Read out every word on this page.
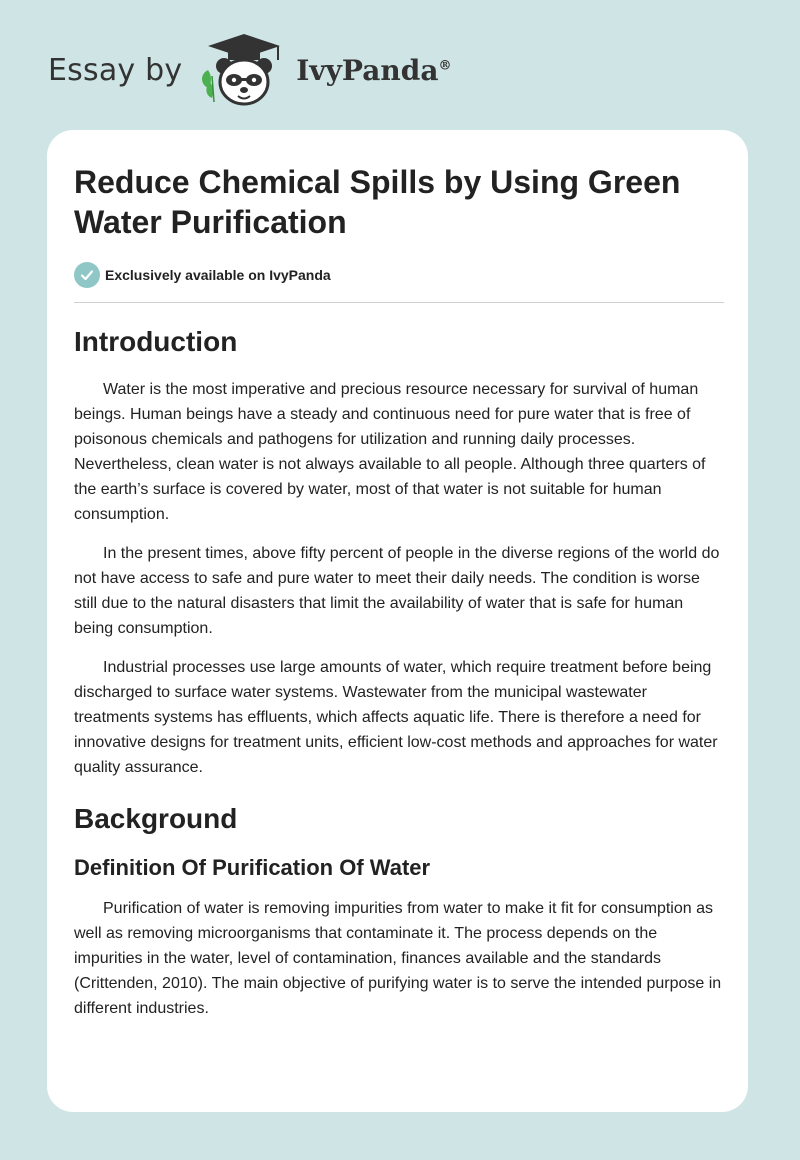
Essay by	IvyPanda®
Reduce Chemical Spills by Using Green Water Purification
Exclusively available on IvyPanda
Introduction

Water is the most imperative and precious resource necessary for survival of human beings. Human beings have a steady and continuous need for pure water that is free of poisonous chemicals and pathogens for utilization and running daily processes. Nevertheless, clean water is not always available to all people. Although three quarters of the earth’s surface is covered by water, most of that water is not suitable for human consumption.

In the present times, above fifty percent of people in the diverse regions of the world do not have access to safe and pure water to meet their daily needs. The condition is worse still due to the natural disasters that limit the availability of water that is safe for human being consumption.

Industrial processes use large amounts of water, which require treatment before being discharged to surface water systems. Wastewater from the municipal wastewater treatments systems has effluents, which affects aquatic life. There is therefore a need for innovative designs for treatment units, efficient low-cost methods and approaches for water quality assurance.

Background
Definition Of Purification Of Water

Purification of water is removing impurities from water to make it fit for consumption as well as removing microorganisms that contaminate it. The process depends on the impurities in the water, level of contamination, finances available and the standards (Crittenden, 2010). The main objective of purifying water is to serve the intended purpose in different industries.
